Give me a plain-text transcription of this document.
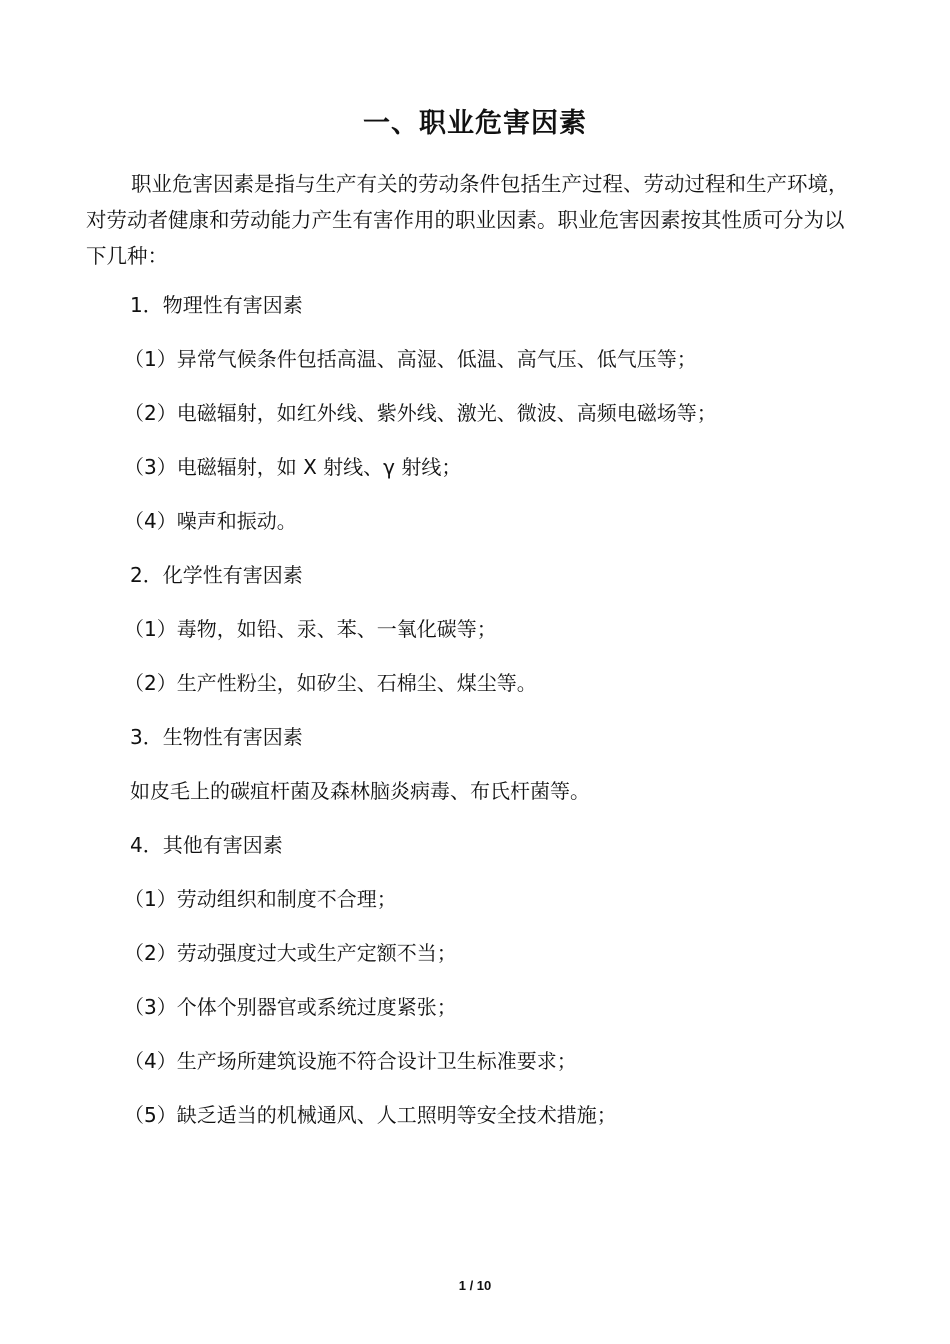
一、职业危害因素

职业危害因素是指与生产有关的劳动条件包括生产过程、劳动过程和生产环境，对劳动者健康和劳动能力产生有害作用的职业因素。职业危害因素按其性质可分为以下几种：

1．物理性有害因素

（1）异常气候条件包括高温、高湿、低温、高气压、低气压等；

（2）电磁辐射，如红外线、紫外线、激光、微波、高频电磁场等；

（3）电磁辐射，如 X 射线、γ 射线；

（4）噪声和振动。

2．化学性有害因素

（1）毒物，如铅、汞、苯、一氧化碳等；

（2）生产性粉尘，如矽尘、石棉尘、煤尘等。

3．生物性有害因素

如皮毛上的碳疽杆菌及森林脑炎病毒、布氏杆菌等。

4．其他有害因素

（1）劳动组织和制度不合理；

（2）劳动强度过大或生产定额不当；

（3）个体个别器官或系统过度紧张；

（4）生产场所建筑设施不符合设计卫生标准要求；

（5）缺乏适当的机械通风、人工照明等安全技术措施；

1 / 10
